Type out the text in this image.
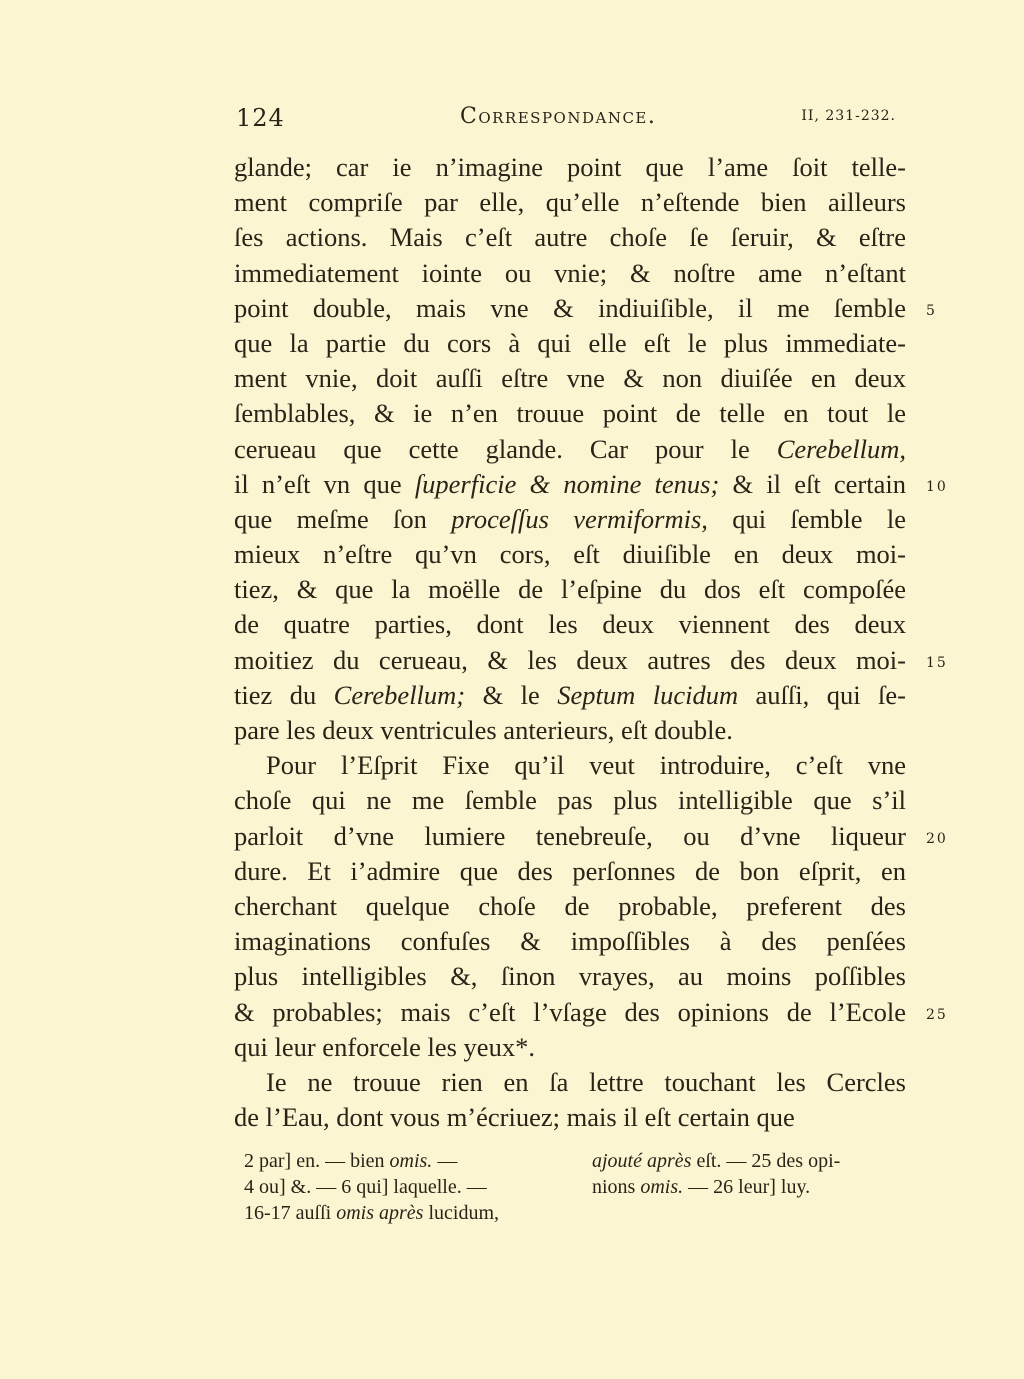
124	Correspondance.	II, 231-232.
glande; car ie n’imagine point que l’ame ſoit telle-
ment compriſe par elle, qu’elle n’eſtende bien ailleurs
ſes actions. Mais c’eſt autre choſe ſe ſeruir, & eſtre
immediatement iointe ou vnie; & noſtre ame n’eſtant
point double, mais vne & indiuiſible, il me ſemble
que la partie du cors à qui elle eſt le plus immediate-
ment vnie, doit auſſi eſtre vne & non diuiſée en deux
ſemblables, & ie n’en trouue point de telle en tout le
cerueau que cette glande. Car pour le Cerebellum,
il n’eſt vn que ſuperficie & nomine tenus; & il eſt certain
que meſme ſon proceſſus vermiformis, qui ſemble le
mieux n’eſtre qu’vn cors, eſt diuiſible en deux moi-
tiez, & que la moëlle de l’eſpine du dos eſt compoſée
de quatre parties, dont les deux viennent des deux
moitiez du cerueau, & les deux autres des deux moi-
tiez du Cerebellum; & le Septum lucidum auſſi, qui ſe-
pare les deux ventricules anterieurs, eſt double.
Pour l’Eſprit Fixe qu’il veut introduire, c’eſt vne
choſe qui ne me ſemble pas plus intelligible que s’il
parloit d’vne lumiere tenebreuſe, ou d’vne liqueur
dure. Et i’admire que des perſonnes de bon eſprit, en
cherchant quelque choſe de probable, preferent des
imaginations confuſes & impoſſibles à des penſées
plus intelligibles &, ſinon vrayes, au moins poſſibles
& probables; mais c’eſt l’vſage des opinions de l’Ecole
qui leur enforcele les yeux*.
Ie ne trouue rien en ſa lettre touchant les Cercles
de l’Eau, dont vous m’écriuez; mais il eſt certain que
5
10
15
20
25
2 par] en. — bien omis. —
4 ou] &. — 6 qui] laquelle. —
16-17 auſſi omis après lucidum,
ajouté après eſt. — 25 des opi-
nions omis. — 26 leur] luy.
